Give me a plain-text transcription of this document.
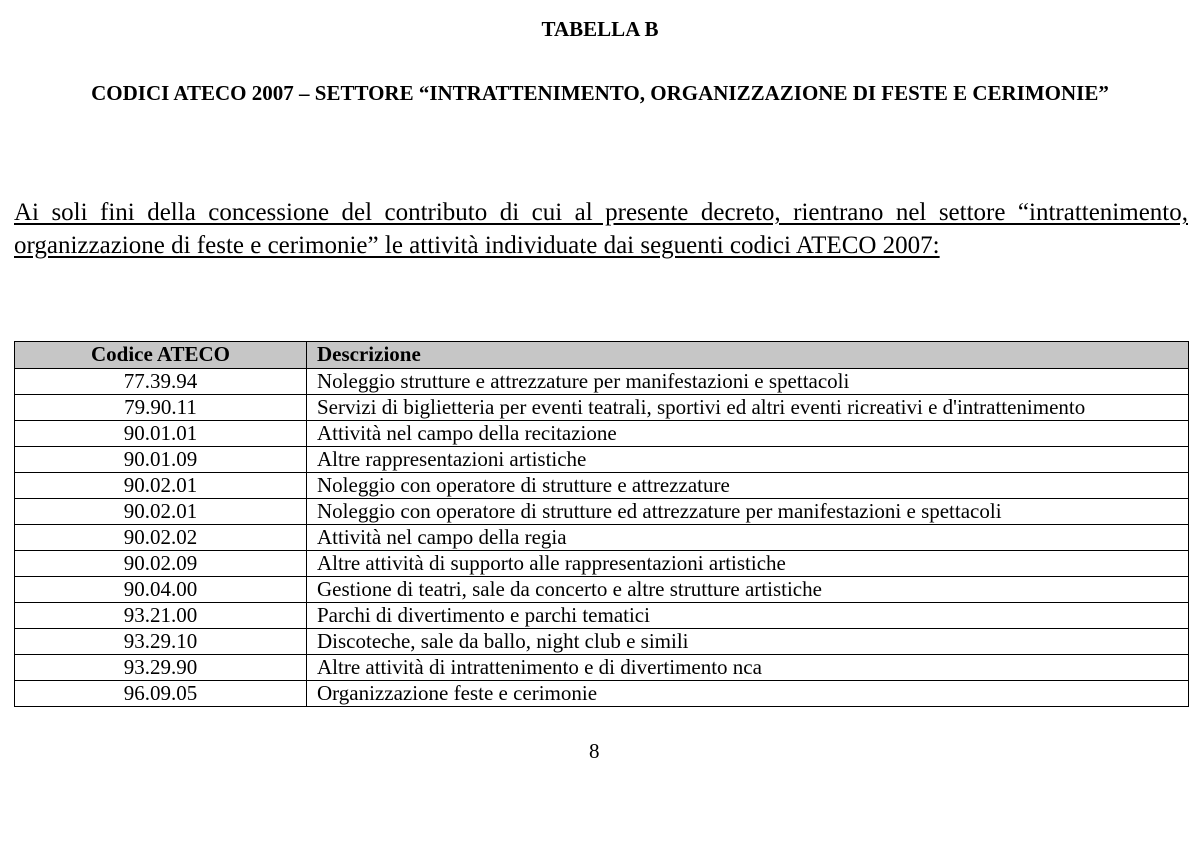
TABELLA B
CODICI ATECO 2007 – SETTORE “INTRATTENIMENTO, ORGANIZZAZIONE DI FESTE E CERIMONIE”
Ai soli fini della concessione del contributo di cui al presente decreto, rientrano nel settore “intrattenimento, organizzazione di feste e cerimonie” le attività individuate dai seguenti codici ATECO 2007:
Codice ATECO	Descrizione
77.39.94	Noleggio strutture e attrezzature per manifestazioni e spettacoli
79.90.11	Servizi di biglietteria per eventi teatrali, sportivi ed altri eventi ricreativi e d'intrattenimento
90.01.01	Attività nel campo della recitazione
90.01.09	Altre rappresentazioni artistiche
90.02.01	Noleggio con operatore di strutture e attrezzature
90.02.01	Noleggio con operatore di strutture ed attrezzature per manifestazioni e spettacoli
90.02.02	Attività nel campo della regia
90.02.09	Altre attività di supporto alle rappresentazioni artistiche
90.04.00	Gestione di teatri, sale da concerto e altre strutture artistiche
93.21.00	Parchi di divertimento e parchi tematici
93.29.10	Discoteche, sale da ballo, night club e simili
93.29.90	Altre attività di intrattenimento e di divertimento nca
96.09.05	Organizzazione feste e cerimonie
8
